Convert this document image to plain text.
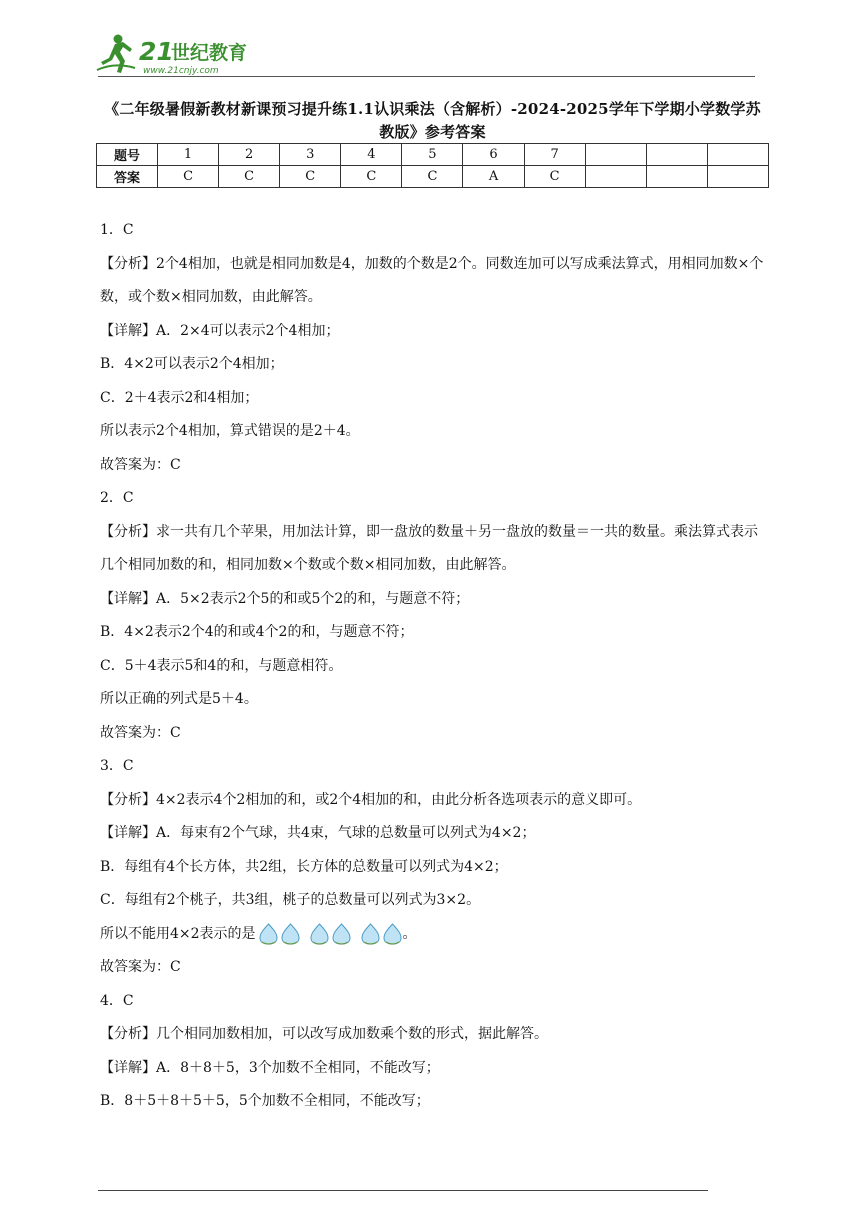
21
世纪教育
www.21cnjy.com
《二年级暑假新教材新课预习提升练1.1认识乘法（含解析）-2024-2025学年下学期小学数学苏教版》参考答案
题号	1	2	3	4	5	6	7			
答案	C	C	C	C	C	A	C			
1．C
【分析】2个4相加，也就是相同加数是4，加数的个数是2个。同数连加可以写成乘法算式，用相同加数×个数，或个数×相同加数，由此解答。
【详解】A．2×4可以表示2个4相加；
B．4×2可以表示2个4相加；
C．2＋4表示2和4相加；
所以表示2个4相加，算式错误的是2＋4。
故答案为：C
2．C
【分析】求一共有几个苹果，用加法计算，即一盘放的数量＋另一盘放的数量＝一共的数量。乘法算式表示几个相同加数的和，相同加数×个数或个数×相同加数，由此解答。
【详解】A．5×2表示2个5的和或5个2的和，与题意不符；
B．4×2表示2个4的和或4个2的和，与题意不符；
C．5＋4表示5和4的和，与题意相符。
所以正确的列式是5＋4。
故答案为：C
3．C
【分析】4×2表示4个2相加的和，或2个4相加的和，由此分析各选项表示的意义即可。
【详解】A．每束有2个气球，共4束，气球的总数量可以列式为4×2；
B．每组有4个长方体，共2组，长方体的总数量可以列式为4×2；
C．每组有2个桃子，共3组，桃子的总数量可以列式为3×2。
所以不能用4×2表示的是	。
故答案为：C
4．C
【分析】几个相同加数相加，可以改写成加数乘个数的形式，据此解答。
【详解】A．8＋8＋5，3个加数不全相同，不能改写；
B．8＋5＋8＋5＋5，5个加数不全相同，不能改写；
